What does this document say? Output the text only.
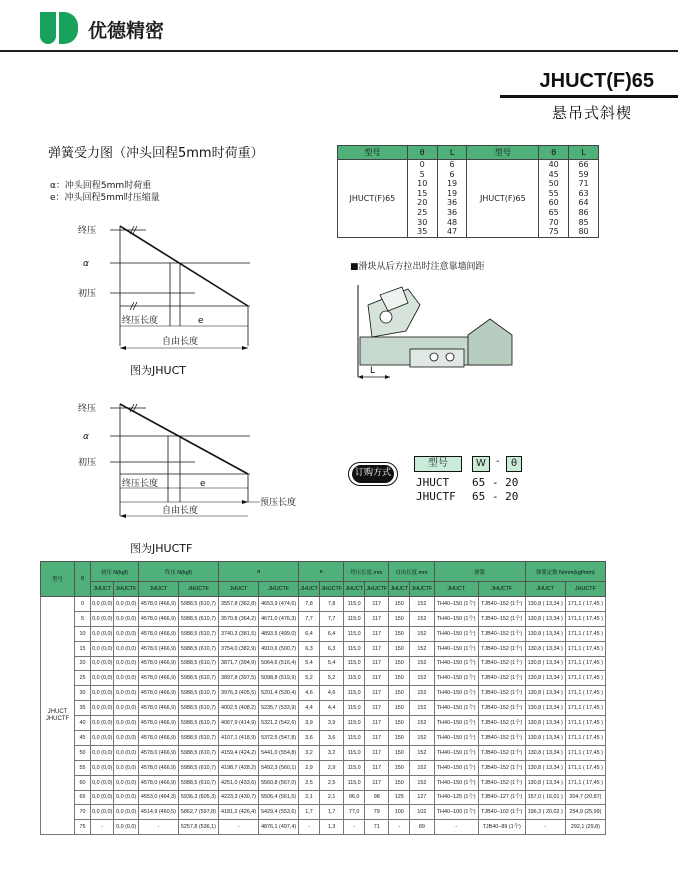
优德精密
JHUCT(F)65
悬吊式斜楔
弹簧受力图（冲头回程5mm时荷重）
α：冲头回程5mm时荷重
e：冲头回程5mm时压缩量
终压
α
初压
终压长度	e
自由长度
图为JHUCT
终压
α
初压
终压长度	e
预压长度
自由长度
图为JHUCTF
型号	θ	L	型号	θ	L
JHUCT(F)65	0	6	JHUCT(F)65	40	66
	5	6		45	59
	10	19		50	71
	15	19		55	63
	20	36		60	64
	25	36		65	86
	30	48		70	85
	35	47		75	80
■滑块从后方拉出时注意靠墙间距
L
订购方式
型号	W	-	θ
JHUCT 65 - 20
JHUCTF 65 - 20
型号	θ	初压 N(kgf)		终压 N(kgf)		α		e		终压长度 mm		自由长度 mm		弹簧		弹簧定数 N/mm(kgf/mm)	
		JHUCT	JHUCTF	JHUCT	JHUCTF	JHUCT	JHUCTF	JHUCT	JHUCTF	JHUCT	JHUCTF	JHUCT	JHUCTF	JHUCT	JHUCTF	JHUCT	JHUCTF
JHUCT JHUCTF	0	0,0 (0,0)	0,0 (0,0)	4578,0 (466,9)	5988,5 (610,7)	3557,8 (362,8)	4653,9 (474,6)	7,8	7,8	115,0	117	150	152	TH40−150 (1个)	TJB40−152 (1个)	130,8 ( 13,34 )	171,1 ( 17,45 )
	5	0,0 (0,0)	0,0 (0,0)	4578,0 (466,9)	5988,5 (610,7)	3570,8 (364,2)	4671,0 (476,3)	7,7	7,7	115,0	117	150	152	TH40−150 (1个)	TJB40−152 (1个)	130,8 ( 13,34 )	171,1 ( 17,45 )
	10	0,0 (0,0)	0,0 (0,0)	4578,0 (466,9)	5988,5 (610,7)	3740,3 (381,5)	4893,5 (499,0)	6,4	6,4	115,0	117	150	152	TH40−150 (1个)	TJB40−152 (1个)	130,8 ( 13,34 )	171,1 ( 17,45 )
	15	0,0 (0,0)	0,0 (0,0)	4578,0 (466,9)	5988,5 (610,7)	3754,0 (382,9)	4910,6 (500,7)	6,3	6,3	115,0	117	150	152	TH40−150 (1个)	TJB40−152 (1个)	130,8 ( 13,34 )	171,1 ( 17,45 )
	20	0,0 (0,0)	0,0 (0,0)	4578,0 (466,9)	5988,5 (610,7)	3871,7 (394,9)	5064,6 (516,4)	5,4	5,4	115,0	117	150	152	TH40−150 (1个)	TJB40−152 (1个)	130,8 ( 13,34 )	171,1 ( 17,45 )
	25	0,0 (0,0)	0,0 (0,0)	4578,0 (466,9)	5988,5 (610,7)	3897,8 (397,5)	5098,8 (519,9)	5,2	5,2	115,0	117	150	152	TH40−150 (1个)	TJB40−152 (1个)	130,8 ( 13,34 )	171,1 ( 17,45 )
	30	0,0 (0,0)	0,0 (0,0)	4578,0 (466,9)	5988,5 (610,7)	3976,3 (405,5)	5201,4 (530,4)	4,6	4,6	115,0	117	150	152	TH40−150 (1个)	TJB40−152 (1个)	130,8 ( 13,34 )	171,1 ( 17,45 )
	35	0,0 (0,0)	0,0 (0,0)	4578,0 (466,9)	5988,5 (610,7)	4002,5 (408,2)	5235,7 (533,9)	4,4	4,4	115,0	117	150	152	TH40−150 (1个)	TJB40−152 (1个)	130,8 ( 13,34 )	171,1 ( 17,45 )
	40	0,0 (0,0)	0,0 (0,0)	4578,0 (466,9)	5988,5 (610,7)	4067,9 (414,9)	5321,2 (542,6)	3,9	3,9	115,0	117	150	152	TH40−150 (1个)	TJB40−152 (1个)	130,8 ( 13,34 )	171,1 ( 17,45 )
	45	0,0 (0,0)	0,0 (0,0)	4578,0 (466,9)	5988,5 (610,7)	4107,1 (418,9)	5372,5 (547,8)	3,6	3,6	115,0	117	150	152	TH40−150 (1个)	TJB40−152 (1个)	130,8 ( 13,34 )	171,1 ( 17,45 )
	50	0,0 (0,0)	0,0 (0,0)	4578,0 (466,9)	5988,5 (610,7)	4159,4 (424,2)	5441,0 (554,8)	3,2	3,2	115,0	117	150	152	TH40−150 (1个)	TJB40−152 (1个)	130,8 ( 13,34 )	171,1 ( 17,45 )
	55	0,0 (0,0)	0,0 (0,0)	4578,0 (466,9)	5988,5 (610,7)	4198,7 (428,2)	5492,3 (560,1)	2,9	2,9	115,0	117	150	152	TH40−150 (1个)	TJB40−152 (1个)	130,8 ( 13,34 )	171,1 ( 17,45 )
	60	0,0 (0,0)	0,0 (0,0)	4578,0 (466,9)	5988,5 (610,7)	4251,0 (433,6)	5560,8 (567,0)	2,5	2,5	115,0	117	150	152	TH40−150 (1个)	TJB40−152 (1个)	130,8 ( 13,34 )	171,1 ( 17,45 )
	65	0,0 (0,0)	0,0 (0,0)	4553,0 (464,3)	5936,3 (605,3)	4223,3 (430,7)	5506,4 (561,5)	2,1	2,1	96,0	98	125	127	TH40−125 (1个)	TJB40−127 (1个)	157,0 ( 16,01 )	204,7 (20,87)
	70	0,0 (0,0)	0,0 (0,0)	4514,9 (460,5)	5862,7 (597,8)	4181,2 (426,4)	5429,4 (553,6)	1,7	1,7	77,0	79	100	102	TH40−100 (1个)	TJB40−102 (1个)	196,3 ( 20,02 )	254,9 (25,99)
	75	-	0,0 (0,0)	-	5257,8 (536,1)	-	4876,1 (497,4)	-	1,3	-	71	-	89	-	TJB40−89 (1个)	-	292,1 (29,8)
